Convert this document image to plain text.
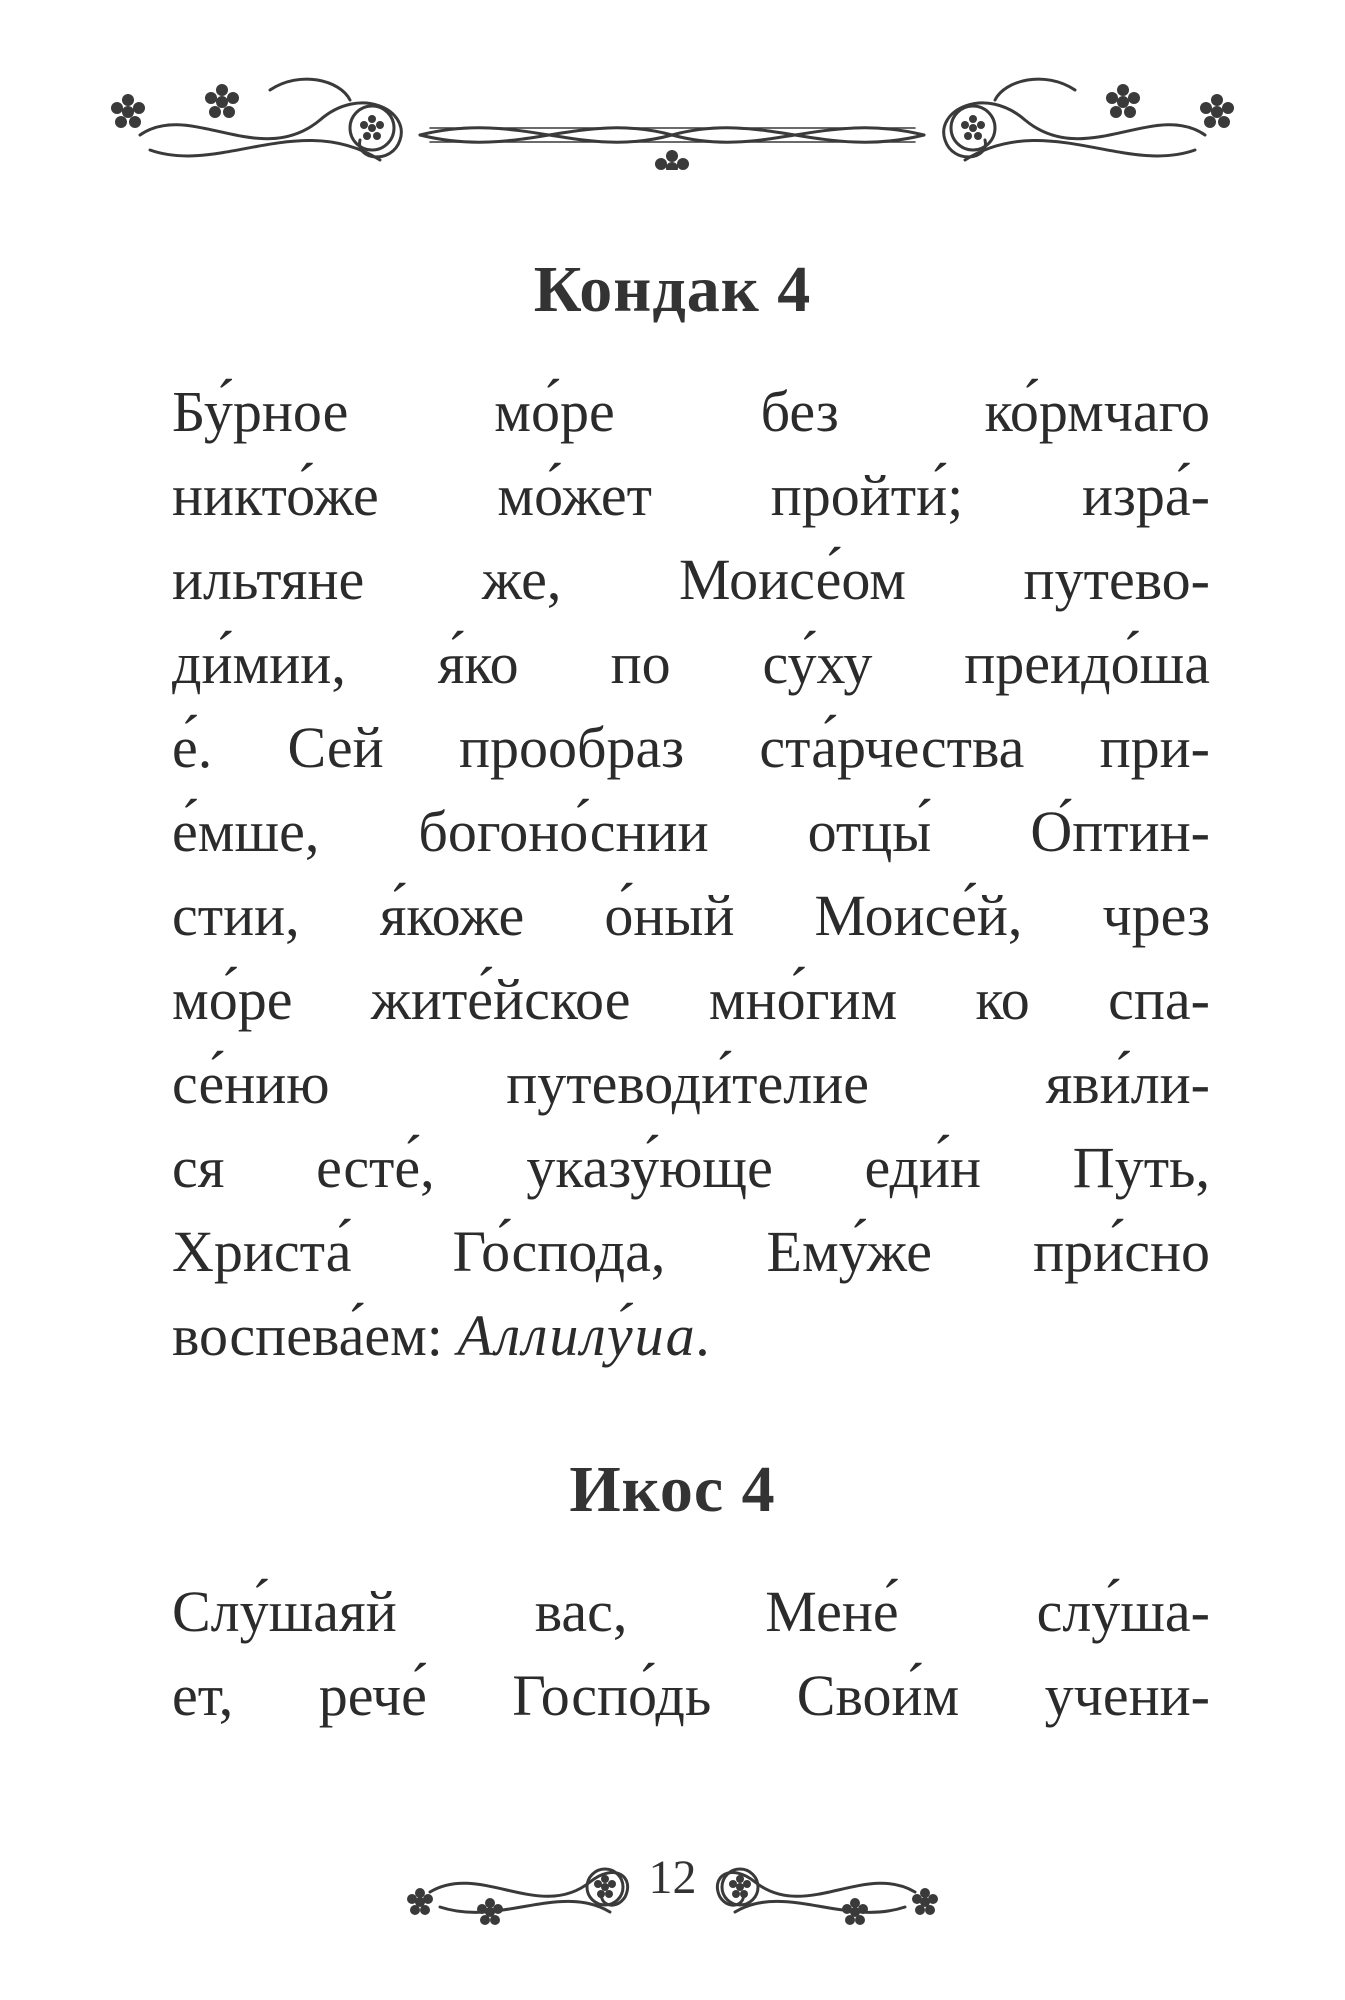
Кондак 4
Бу́рное мо́ре без ко́рмчаго
никто́же мо́жет пройти́; изра́-
ильтяне же, Моисе́ом путево-
ди́мии, я́ко по су́ху преидо́ша
е́. Сей прообраз ста́рчества при-
е́мше, богоно́снии отцы́ О́птин-
стии, я́коже о́ный Моисе́й, чрез
мо́ре жите́йское мно́гим ко спа-
се́нию путеводи́телие яви́ли-
ся есте́, указу́юще еди́н Путь,
Христа́ Го́спода, Ему́же при́сно
воспева́ем: Аллилу́иа.
Икос 4
Слу́шаяй вас, Мене́ слу́ша-
ет, рече́ Госпо́дь Свои́м учени-
12
